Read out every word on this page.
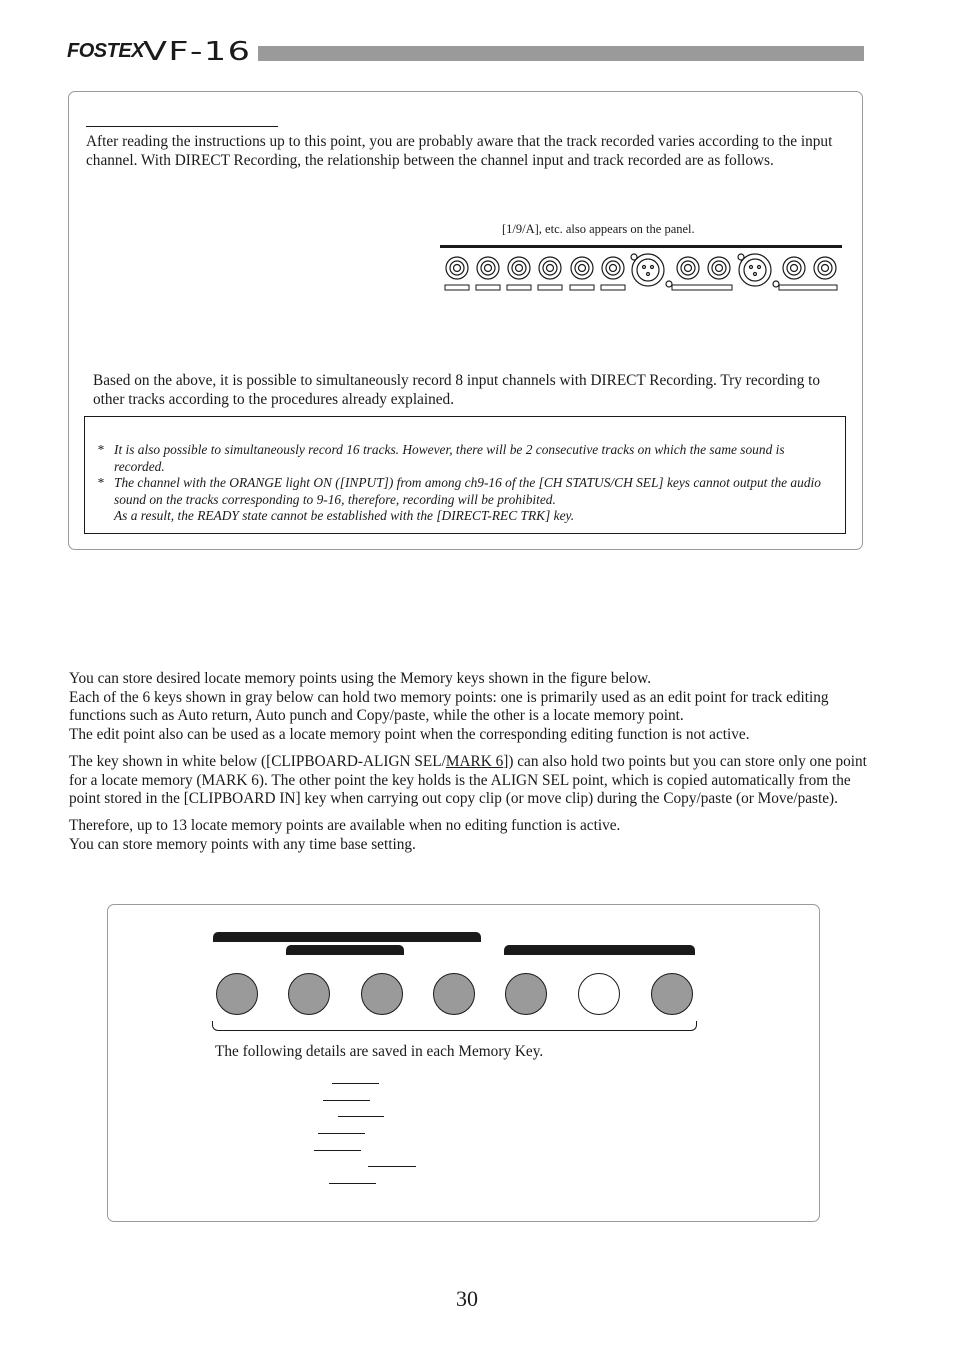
FOSTEX
VF-16
After reading the instructions up to this point, you are probably aware that the track recorded varies according to the input channel. With DIRECT Recording, the relationship between the channel input and track recorded are as follows.
[1/9/A], etc. also appears on the panel.
Based on the above, it is possible to simultaneously record 8 input channels with DIRECT Recording. Try recording to other tracks according to the procedures already explained.
* It is also possible to simultaneously record 16 tracks. However, there will be 2 consecutive tracks on which the same sound is recorded.
* The channel with the ORANGE light ON ([INPUT]) from among ch9-16 of the [CH STATUS/CH SEL] keys cannot output the audio sound on the tracks corresponding to 9-16, therefore, recording will be prohibited.
As a result, the READY state cannot be established with the [DIRECT-REC TRK] key.
You can store desired locate memory points using the Memory keys shown in the figure below.
Each of the 6 keys shown in gray below can hold two memory points: one is primarily used as an edit point for track editing functions such as Auto return, Auto punch and Copy/paste, while the other is a locate memory point.

The edit point also can be used as a locate memory point when the corresponding editing function is not active.

The key shown in white below ([CLIPBOARD-ALIGN SEL/MARK 6]) can also hold two points but you can store only one point for a locate memory (MARK 6). The other point the key holds is the ALIGN SEL point, which is copied automatically from the point stored in the [CLIPBOARD IN] key when carrying out copy clip (or move clip) during the Copy/paste (or Move/paste).

Therefore, up to 13 locate memory points are available when no editing function is active.
You can store memory points with any time base setting.
The following details are saved in each Memory Key.
30
